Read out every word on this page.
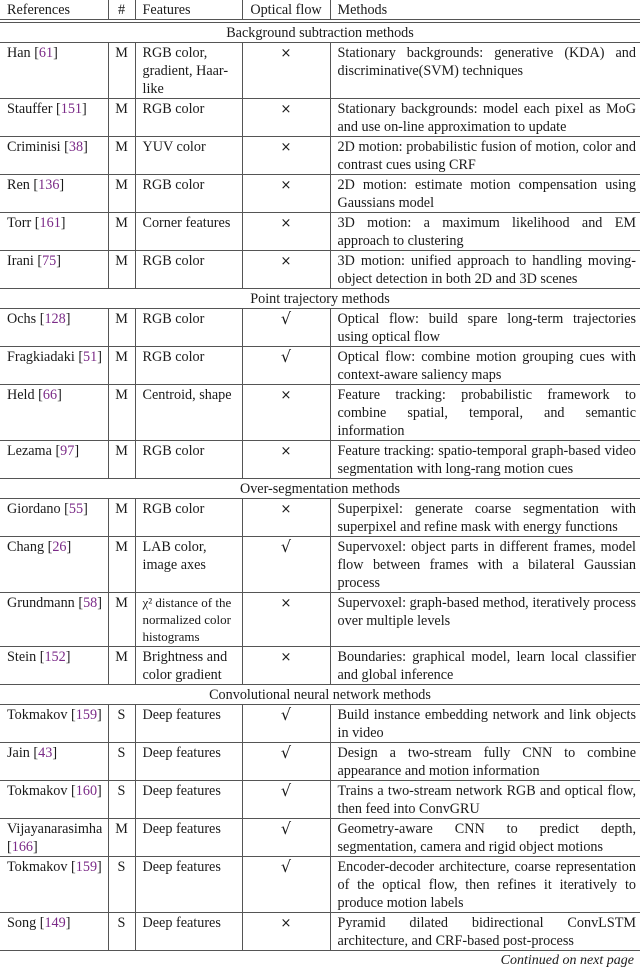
References	#	Features	Optical flow	Methods
Background subtraction methods				
Han [61]	M	RGB color, gradient, Haar-like	×	Stationary backgrounds: generative (KDA) and discriminative(SVM) techniques
Stauffer [151]	M	RGB color	×	Stationary backgrounds: model each pixel as MoG and use on-line approximation to update
Criminisi [38]	M	YUV color	×	2D motion: probabilistic fusion of motion, color and contrast cues using CRF
Ren [136]	M	RGB color	×	2D motion: estimate motion compensation using Gaussians model
Torr [161]	M	Corner features	×	3D motion: a maximum likelihood and EM approach to clustering
Irani [75]	M	RGB color	×	3D motion: unified approach to handling moving-object detection in both 2D and 3D scenes
Point trajectory methods				
Ochs [128]	M	RGB color	√	Optical flow: build spare long-term trajectories using optical flow
Fragkiadaki [51]	M	RGB color	√	Optical flow: combine motion grouping cues with context-aware saliency maps
Held [66]	M	Centroid, shape	×	Feature tracking: probabilistic framework to combine spatial, temporal, and semantic information
Lezama [97]	M	RGB color	×	Feature tracking: spatio-temporal graph-based video segmentation with long-rang motion cues
Over-segmentation methods				
Giordano [55]	M	RGB color	×	Superpixel: generate coarse segmentation with superpixel and refine mask with energy functions
Chang [26]	M	LAB color, image axes	√	Supervoxel: object parts in different frames, model flow between frames with a bilateral Gaussian process
Grundmann [58]	M	χ² distance of the normalized color histograms	×	Supervoxel: graph-based method, iteratively process over multiple levels
Stein [152]	M	Brightness and color gradient	×	Boundaries: graphical model, learn local classifier and global inference
Convolutional neural network methods				
Tokmakov [159]	S	Deep features	√	Build instance embedding network and link objects in video
Jain [43]	S	Deep features	√	Design a two-stream fully CNN to combine appearance and motion information
Tokmakov [160]	S	Deep features	√	Trains a two-stream network RGB and optical flow, then feed into ConvGRU
Vijayanarasimha [166]	M	Deep features	√	Geometry-aware CNN to predict depth, segmentation, camera and rigid object motions
Tokmakov [159]	S	Deep features	√	Encoder-decoder architecture, coarse representation of the optical flow, then refines it iteratively to produce motion labels
Song [149]	S	Deep features	×	Pyramid dilated bidirectional ConvLSTM architecture, and CRF-based post-process
Continued on next page
